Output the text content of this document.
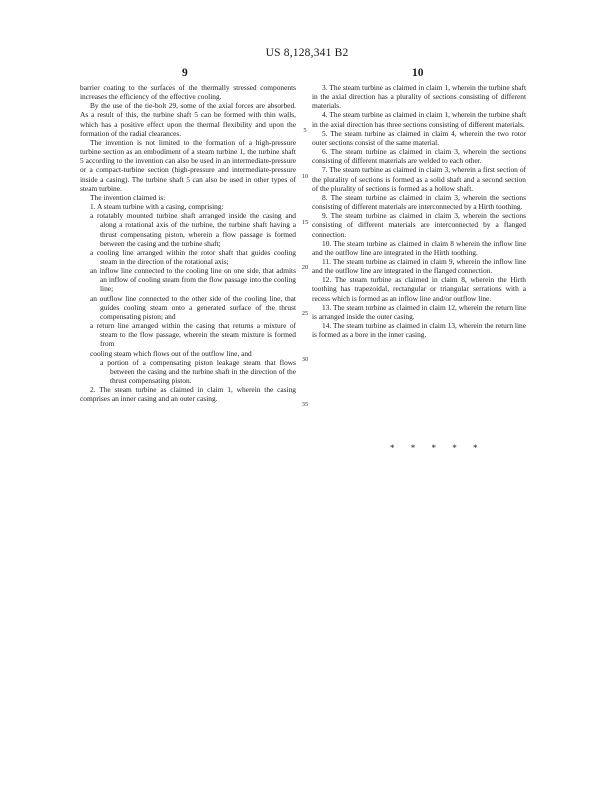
US 8,128,341 B2
9	10

barrier coating to the surfaces of the thermally stressed components increases the efficiency of the effective cooling.

By the use of the tie-bolt 29, some of the axial forces are absorbed. As a result of this, the turbine shaft 5 can be formed with thin walls, which has a positive effect upon the thermal flexibility and upon the formation of the radial clearances.

The invention is not limited to the formation of a high-pressure turbine section as an embodiment of a steam turbine 1, the turbine shaft 5 according to the invention can also be used in an intermediate-pressure or a compact-turbine section (high-pressure and intermediate-pressure inside a casing). The turbine shaft 5 can also be used in other types of steam turbine.

The invention claimed is:

1. A steam turbine with a casing, comprising:

a rotatably mounted turbine shaft arranged inside the casing and along a rotational axis of the turbine, the turbine shaft having a thrust compensating piston, wherein a flow passage is formed between the casing and the turbine shaft;

a cooling line arranged within the rotor shaft that guides cooling steam in the direction of the rotational axis;

an inflow line connected to the cooling line on one side, that admits an inflow of cooling steam from the flow passage into the cooling line;

an outflow line connected to the other side of the cooling line, that guides cooling steam onto a generated surface of the thrust compensating piston; and

a return line arranged within the casing that returns a mixture of steam to the flow passage, wherein the steam mixture is formed from

cooling steam which flows out of the outflow line, and

a portion of a compensating piston leakage steam that flows between the casing and the turbine shaft in the direction of the thrust compensating piston.

2. The steam turbine as claimed in claim 1, wherein the casing comprises an inner casing and an outer casing.

5
10
15
20
25
30
35

3. The steam turbine as claimed in claim 1, wherein the turbine shaft in the axial direction has a plurality of sections consisting of different materials.

4. The steam turbine as claimed in claim 1, wherein the turbine shaft in the axial direction has three sections consisting of different materials.

5. The steam turbine as claimed in claim 4, wherein the two rotor outer sections consist of the same material.

6. The steam turbine as claimed in claim 3, wherein the sections consisting of different materials are welded to each other.

7. The steam turbine as claimed in claim 3, wherein a first section of the plurality of sections is formed as a solid shaft and a second section of the plurality of sections is formed as a hollow shaft.

8. The steam turbine as claimed in claim 3, wherein the sections consisting of different materials are interconnected by a Hirth toothing.

9. The steam turbine as claimed in claim 3, wherein the sections consisting of different materials are interconnected by a flanged connection.

10. The steam turbine as claimed in claim 8 wherein the inflow line and the outflow line are integrated in the Hirth toothing.

11. The steam turbine as claimed in claim 9, wherein the inflow line and the outflow line are integrated in the flanged connection.

12. The steam turbine as claimed in claim 8, wherein the Hirth toothing has trapezoidal, rectangular or triangular serrations with a recess which is formed as an inflow line and/or outflow line.

13. The steam turbine as claimed in claim 12, wherein the return line is arranged inside the outer casing.

14. The steam turbine as claimed in claim 13, wherein the return line is formed as a bore in the inner casing.

* * * * *
